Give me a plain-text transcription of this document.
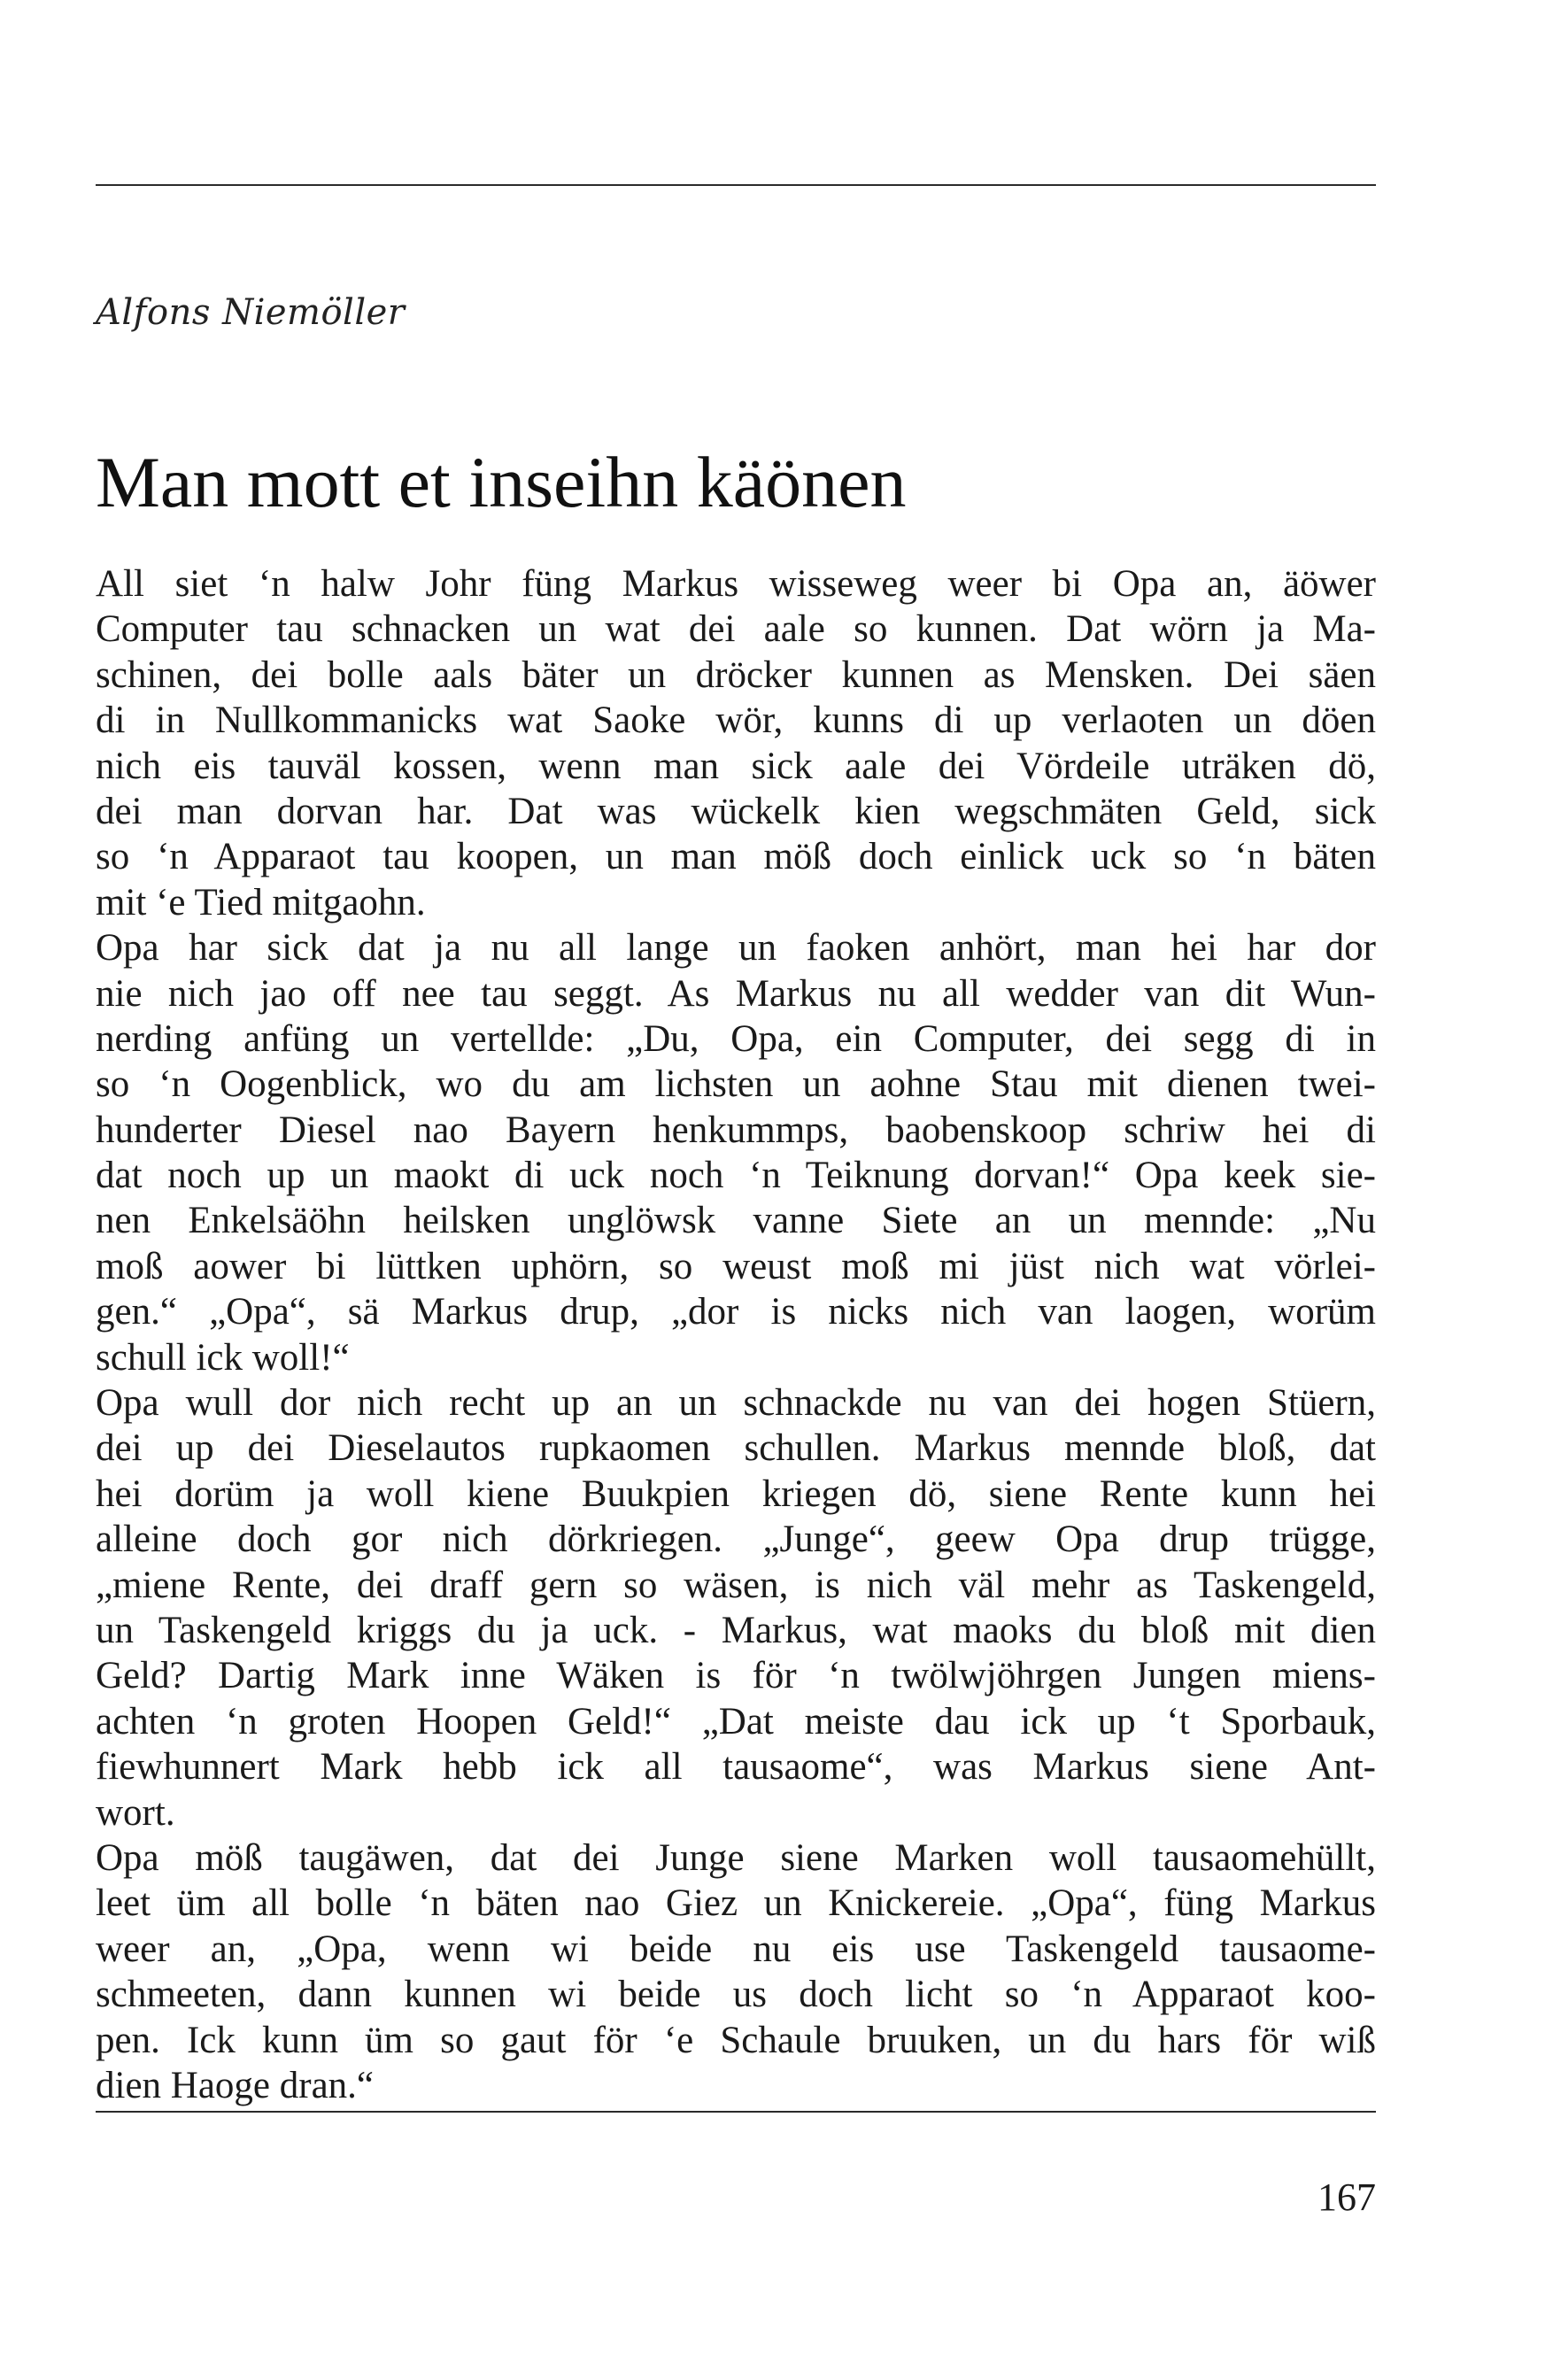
Alfons Niemöller
Man mott et inseihn käönen
All siet ‘n halw Johr füng Markus wisseweg weer bi Opa an, äöwer
Computer tau schnacken un wat dei aale so kunnen. Dat wörn ja Ma-
schinen, dei bolle aals bäter un dröcker kunnen as Mensken. Dei säen
di in Nullkommanicks wat Saoke wör, kunns di up verlaoten un döen
nich eis tauväl kossen, wenn man sick aale dei Vördeile uträken dö,
dei man dorvan har. Dat was wückelk kien wegschmäten Geld, sick
so ‘n Apparaot tau koopen, un man möß doch einlick uck so ‘n bäten
mit ‘e Tied mitgaohn.
Opa har sick dat ja nu all lange un faoken anhört, man hei har dor
nie nich jao off nee tau seggt. As Markus nu all wedder van dit Wun-
nerding anfüng un vertellde: „Du, Opa, ein Computer, dei segg di in
so ‘n Oogenblick, wo du am lichsten un aohne Stau mit dienen twei-
hunderter Diesel nao Bayern henkummps, baobenskoop schriw hei di
dat noch up un maokt di uck noch ‘n Teiknung dorvan!“ Opa keek sie-
nen Enkelsäöhn heilsken unglöwsk vanne Siete an un mennde: „Nu
moß aower bi lüttken uphörn, so weust moß mi jüst nich wat vörlei-
gen.“ „Opa“, sä Markus drup, „dor is nicks nich van laogen, worüm
schull ick woll!“
Opa wull dor nich recht up an un schnackde nu van dei hogen Stüern,
dei up dei Dieselautos rupkaomen schullen. Markus mennde bloß, dat
hei dorüm ja woll kiene Buukpien kriegen dö, siene Rente kunn hei
alleine doch gor nich dörkriegen. „Junge“, geew Opa drup trügge,
„miene Rente, dei draff gern so wäsen, is nich väl mehr as Taskengeld,
un Taskengeld kriggs du ja uck. - Markus, wat maoks du bloß mit dien
Geld? Dartig Mark inne Wäken is för ‘n twölwjöhrgen Jungen miens-
achten ‘n groten Hoopen Geld!“ „Dat meiste dau ick up ‘t Sporbauk,
fiewhunnert Mark hebb ick all tausaome“, was Markus siene Ant-
wort.
Opa möß taugäwen, dat dei Junge siene Marken woll tausaomehüllt,
leet üm all bolle ‘n bäten nao Giez un Knickereie. „Opa“, füng Markus
weer an, „Opa, wenn wi beide nu eis use Taskengeld tausaome-
schmeeten, dann kunnen wi beide us doch licht so ‘n Apparaot koo-
pen. Ick kunn üm so gaut för ‘e Schaule bruuken, un du hars för wiß
dien Haoge dran.“
167
